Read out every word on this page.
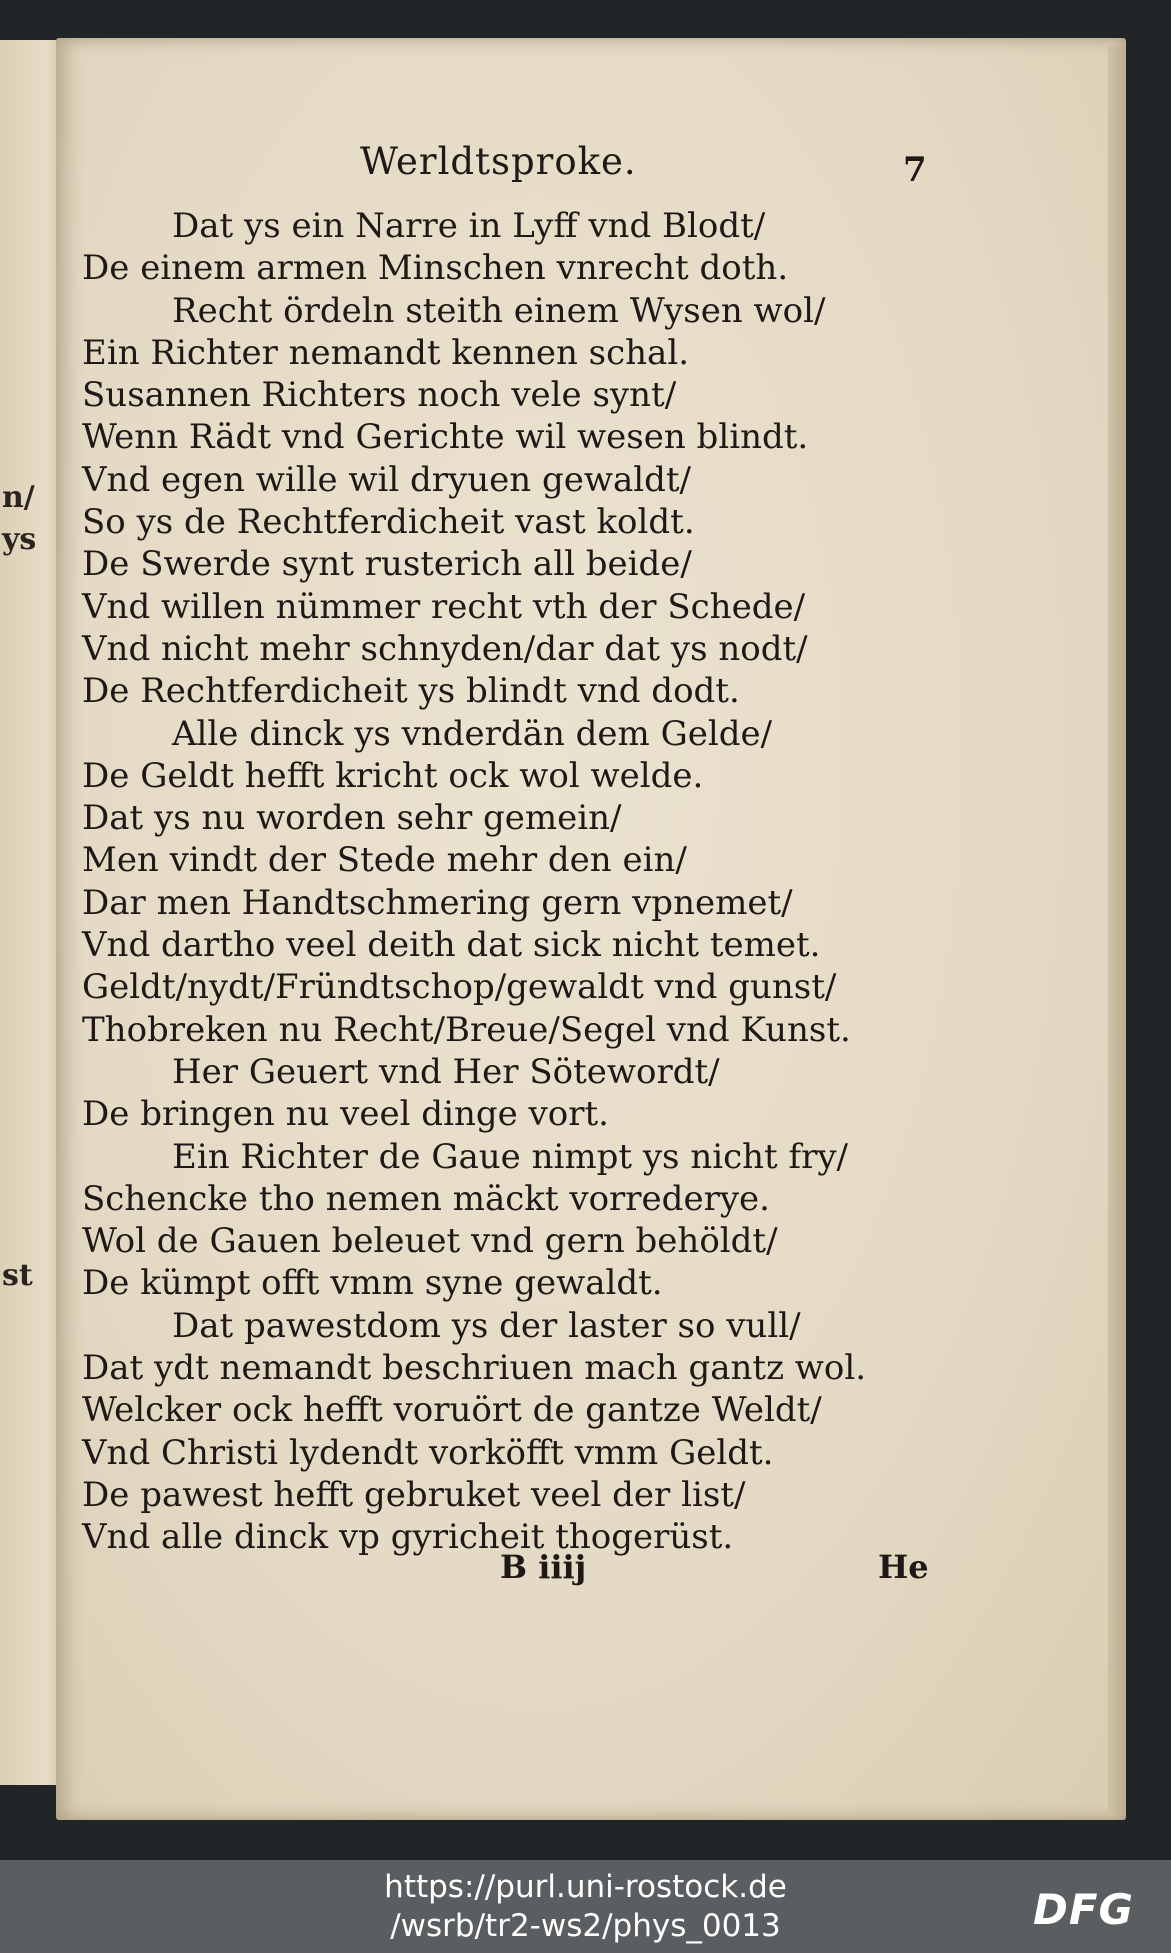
n/
ys
st
Werldtsproke.	7
Dat ys ein Narre in Lyff vnd Blodt/
De einem armen Minschen vnrecht doth.
Recht ördeln steith einem Wysen wol/
Ein Richter nemandt kennen schal.
Susannen Richters noch vele synt/
Wenn Rädt vnd Gerichte wil wesen blindt.
Vnd egen wille wil dryuen gewaldt/
So ys de Rechtferdicheit vast koldt.
De Swerde synt rusterich all beide/
Vnd willen nümmer recht vth der Schede/
Vnd nicht mehr schnyden/dar dat ys nodt/
De Rechtferdicheit ys blindt vnd dodt.
Alle dinck ys vnderdän dem Gelde/
De Geldt hefft kricht ock wol welde.
Dat ys nu worden sehr gemein/
Men vindt der Stede mehr den ein/
Dar men Handtschmering gern vpnemet/
Vnd dartho veel deith dat sick nicht temet.
Geldt/nydt/Fründtschop/gewaldt vnd gunst/
Thobreken nu Recht/Breue/Segel vnd Kunst.
Her Geuert vnd Her Sötewordt/
De bringen nu veel dinge vort.
Ein Richter de Gaue nimpt ys nicht fry/
Schencke tho nemen mäckt vorrederye.
Wol de Gauen beleuet vnd gern behöldt/
De kümpt offt vmm syne gewaldt.
Dat pawestdom ys der laster so vull/
Dat ydt nemandt beschriuen mach gantz wol.
Welcker ock hefft voruört de gantze Weldt/
Vnd Christi lydendt vorköfft vmm Geldt.
De pawest hefft gebruket veel der list/
Vnd alle dinck vp gyricheit thogerüst.
B iiij	He
https://purl.uni-rostock.de
/wsrb/tr2-ws2/phys_0013	DFG
